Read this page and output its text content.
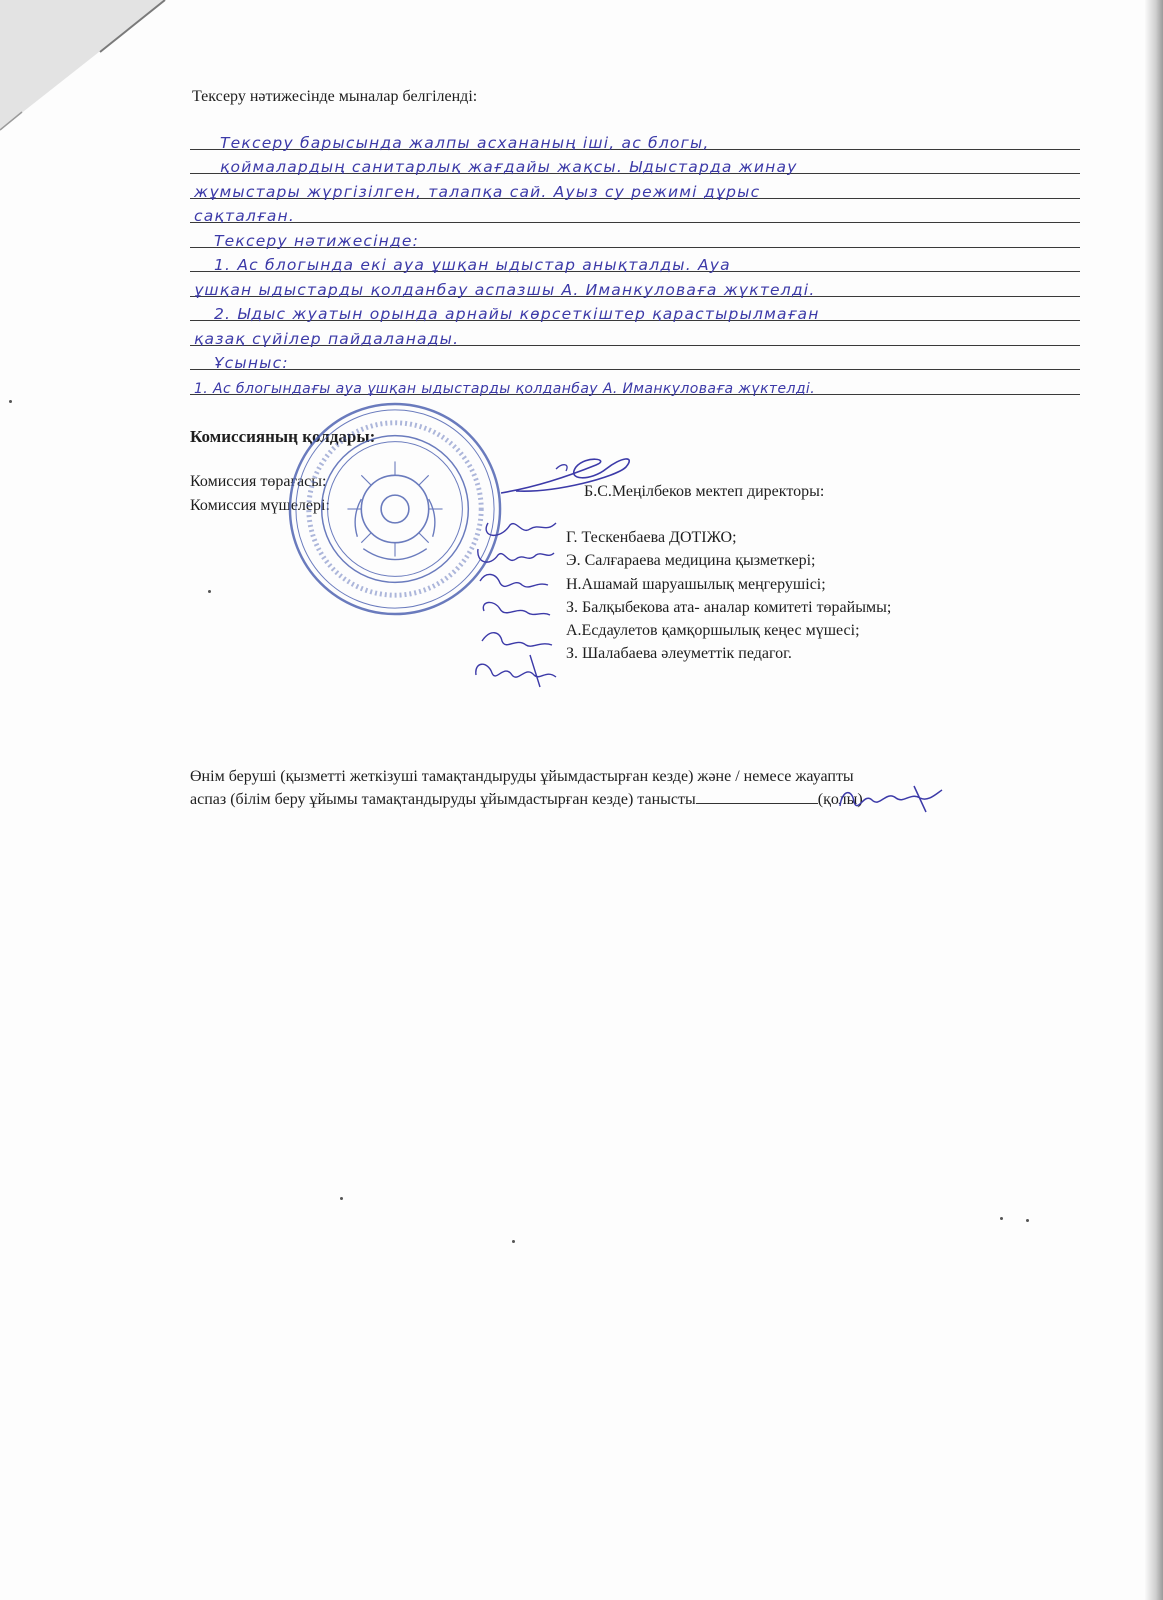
Тексеру нәтижесінде мыналар белгіленді:
Тексеру барысында жалпы асхананың іші, ас блогы,
қоймалардың санитарлық жағдайы жақсы. Ыдыстарда жинау
жұмыстары жүргізілген, талапқа сай. Ауыз су режимі дұрыс
сақталған.
Тексеру нәтижесінде:
1. Ас блогында екі ауа ұшқан ыдыстар анықталды. Ауа
ұшқан ыдыстарды қолданбау аспазшы А. Иманкуловаға жүктелді.
2. Ыдыс жуатын орында арнайы көрсеткіштер қарастырылмаған
қазақ сүйілер пайдаланады.
Ұсыныс:
1. Ас блогындағы ауа ұшқан ыдыстарды қолданбау А. Иманкуловаға жүктелді.
Комиссияның қолдары:
Комиссия төрағасы:
Комиссия мүшелері:
Б.С.Меңілбеков мектеп директоры:
Г. Тескенбаева ДОТІЖО;
Э. Салғараева медицина қызметкері;
Н.Ашамай шаруашылық меңгерушісі;
З. Балқыбекова ата- аналар комитеті төрайымы;
А.Есдаулетов қамқоршылық кеңес мүшесі;
З. Шалабаева әлеуметтік педагог.
Өнім беруші (қызметті жеткізуші тамақтандыруды ұйымдастырған кезде) және / немесе жауапты
аспаз (білім беру ұйымы тамақтандыруды ұйымдастырған кезде) танысты	(қолы)
